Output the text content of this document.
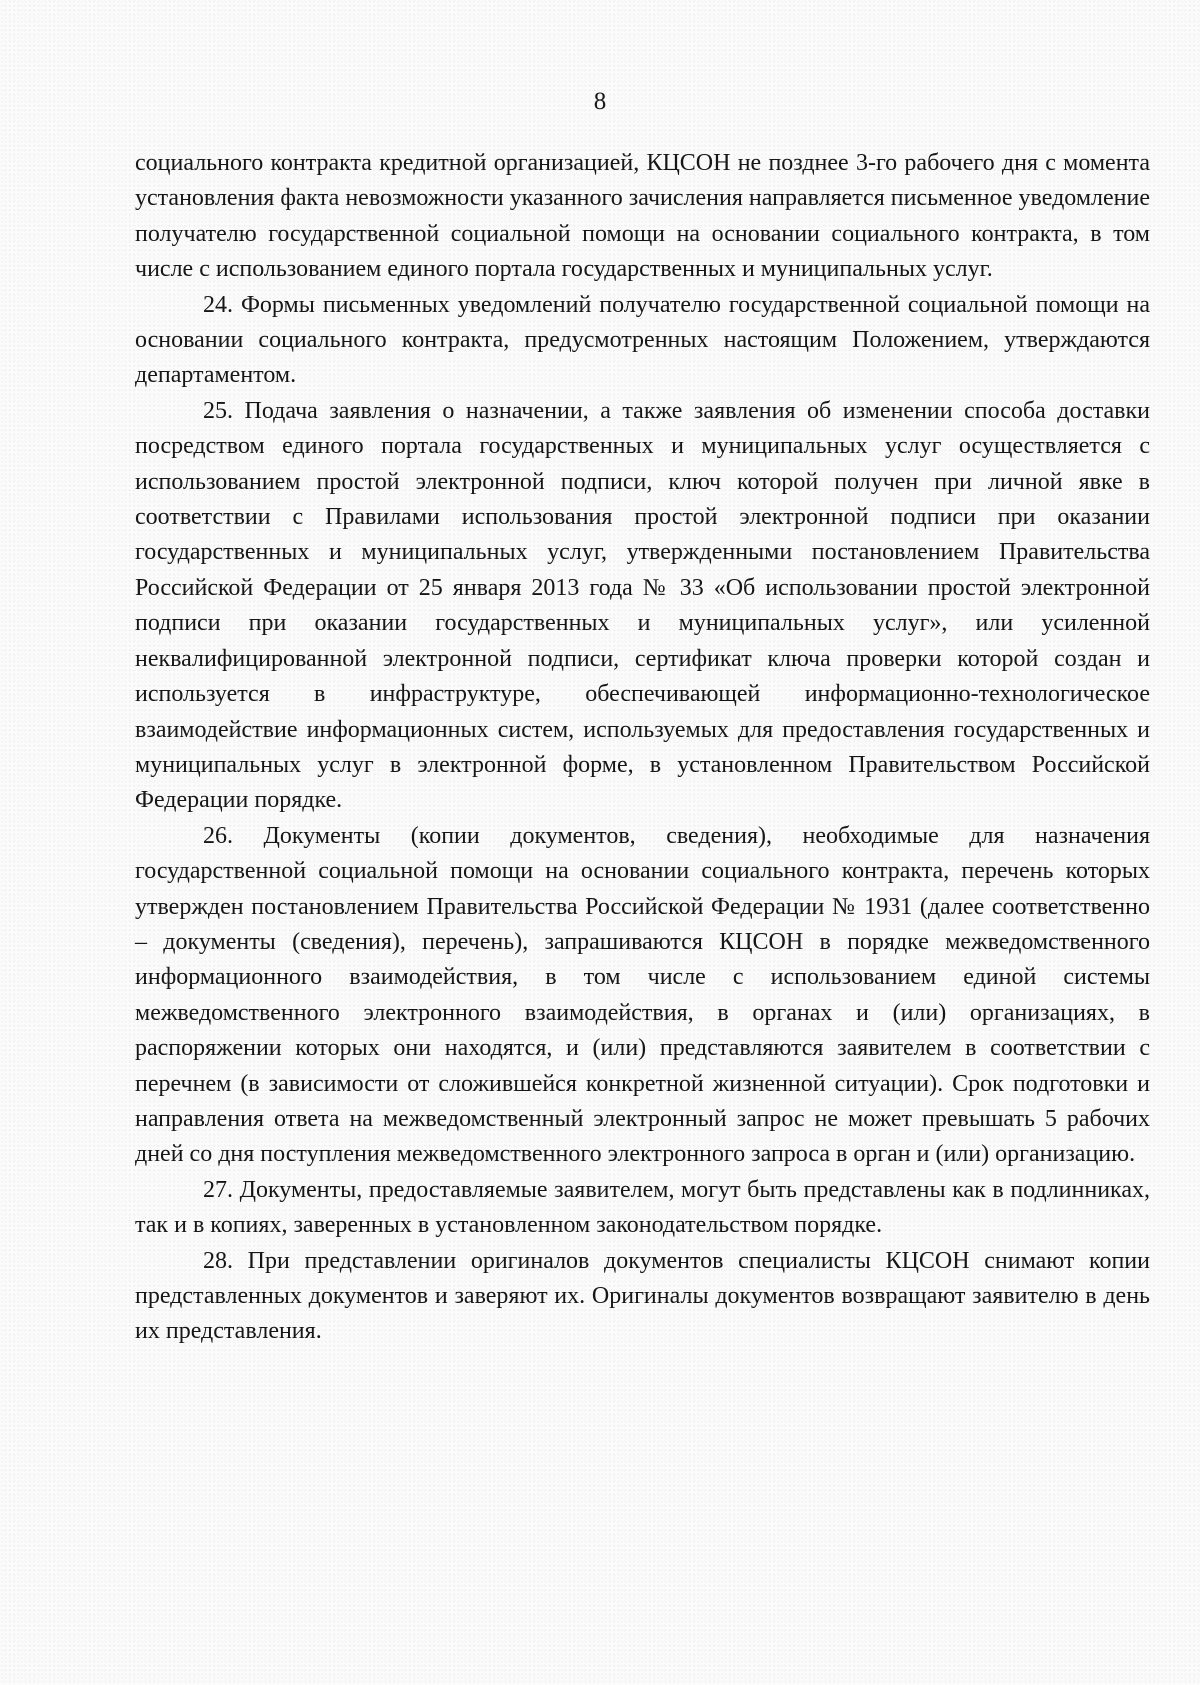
8

социального контракта кредитной организацией, КЦСОН не позднее 3-го рабочего дня с момента установления факта невозможности указанного зачисления направляется письменное уведомление получателю государственной социальной помощи на основании социального контракта, в том числе с использованием единого портала государственных и муниципальных услуг.

24. Формы письменных уведомлений получателю государственной социальной помощи на основании социального контракта, предусмотренных настоящим Положением, утверждаются департаментом.

25. Подача заявления о назначении, а также заявления об изменении способа доставки посредством единого портала государственных и муниципальных услуг осуществляется с использованием простой электронной подписи, ключ которой получен при личной явке в соответствии с Правилами использования простой электронной подписи при оказании государственных и муниципальных услуг, утвержденными постановлением Правительства Российской Федерации от 25 января 2013 года № 33 «Об использовании простой электронной подписи при оказании государственных и муниципальных услуг», или усиленной неквалифицированной электронной подписи, сертификат ключа проверки которой создан и используется в инфраструктуре, обеспечивающей информационно-технологическое взаимодействие информационных систем, используемых для предоставления государственных и муниципальных услуг в электронной форме, в установленном Правительством Российской Федерации порядке.

26. Документы (копии документов, сведения), необходимые для назначения государственной социальной помощи на основании социального контракта, перечень которых утвержден постановлением Правительства Российской Федерации № 1931 (далее соответственно – документы (сведения), перечень), запрашиваются КЦСОН в порядке межведомственного информационного взаимодействия, в том числе с использованием единой системы межведомственного электронного взаимодействия, в органах и (или) организациях, в распоряжении которых они находятся, и (или) представляются заявителем в соответствии с перечнем (в зависимости от сложившейся конкретной жизненной ситуации). Срок подготовки и направления ответа на межведомственный электронный запрос не может превышать 5 рабочих дней со дня поступления межведомственного электронного запроса в орган и (или) организацию.

27. Документы, предоставляемые заявителем, могут быть представлены как в подлинниках, так и в копиях, заверенных в установленном законодательством порядке.

28. При представлении оригиналов документов специалисты КЦСОН снимают копии представленных документов и заверяют их. Оригиналы документов возвращают заявителю в день их представления.
